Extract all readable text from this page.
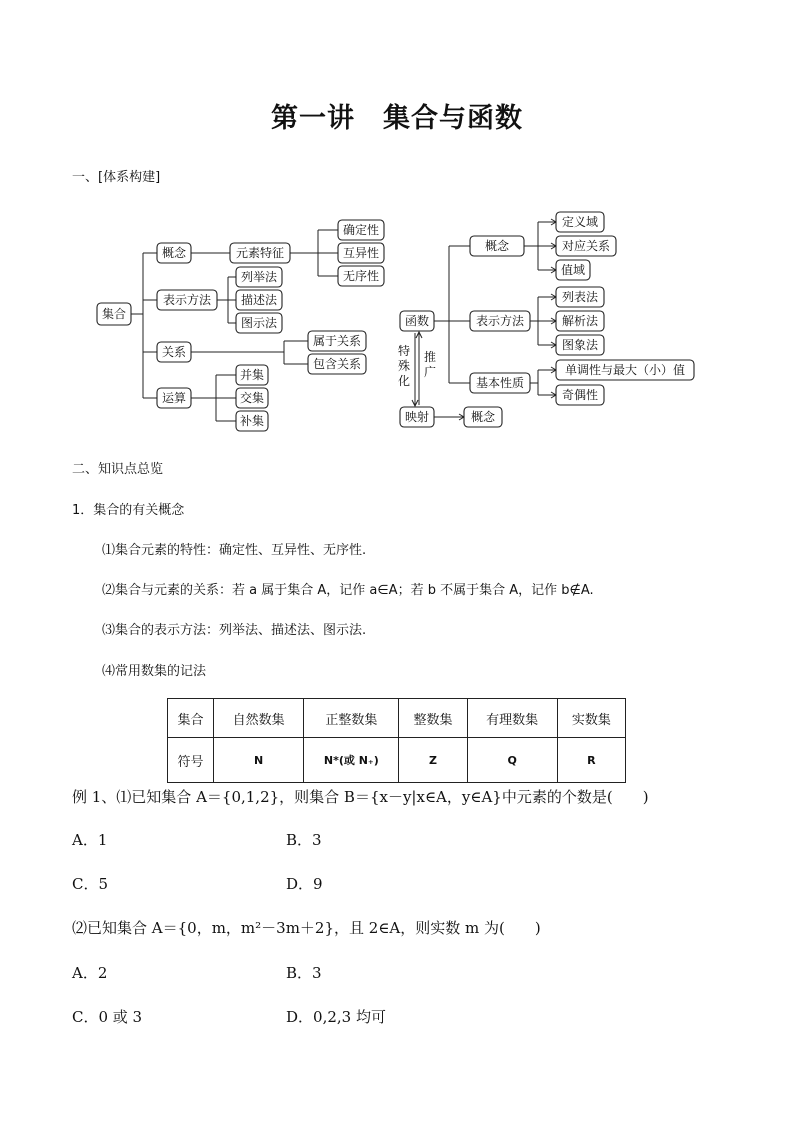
第一讲　集合与函数
一、[体系构建]
集合
概念
表示方法
关系
运算
元素特征
确定性
互异性
无序性
列举法
描述法
图示法
属于关系
包含关系
并集
交集
补集
函数
概念
表示方法
基本性质
定义域
对应关系
值域
列表法
解析法
图象法
单调性与最大（小）值
奇偶性
特
殊
化
推
广
映射	概念
二、知识点总览
1．集合的有关概念
⑴集合元素的特性：确定性、互异性、无序性.
⑵集合与元素的关系：若 a 属于集合 A，记作 a∈A；若 b 不属于集合 A，记作 b∉A.
⑶集合的表示方法：列举法、描述法、图示法.
⑷常用数集的记法
集合	自然数集	正整数集	整数集	有理数集	实数集
符号	N	N*(或 N₊)	Z	Q	R
例 1、⑴已知集合 A＝{0,1,2}，则集合 B＝{x－y|x∈A，y∈A}中元素的个数是(　　)
A．1	B．3
C．5	D．9
⑵已知集合 A＝{0，m，m²－3m＋2}，且 2∈A，则实数 m 为(　　)
A．2	B．3
C．0 或 3	D．0,2,3 均可
